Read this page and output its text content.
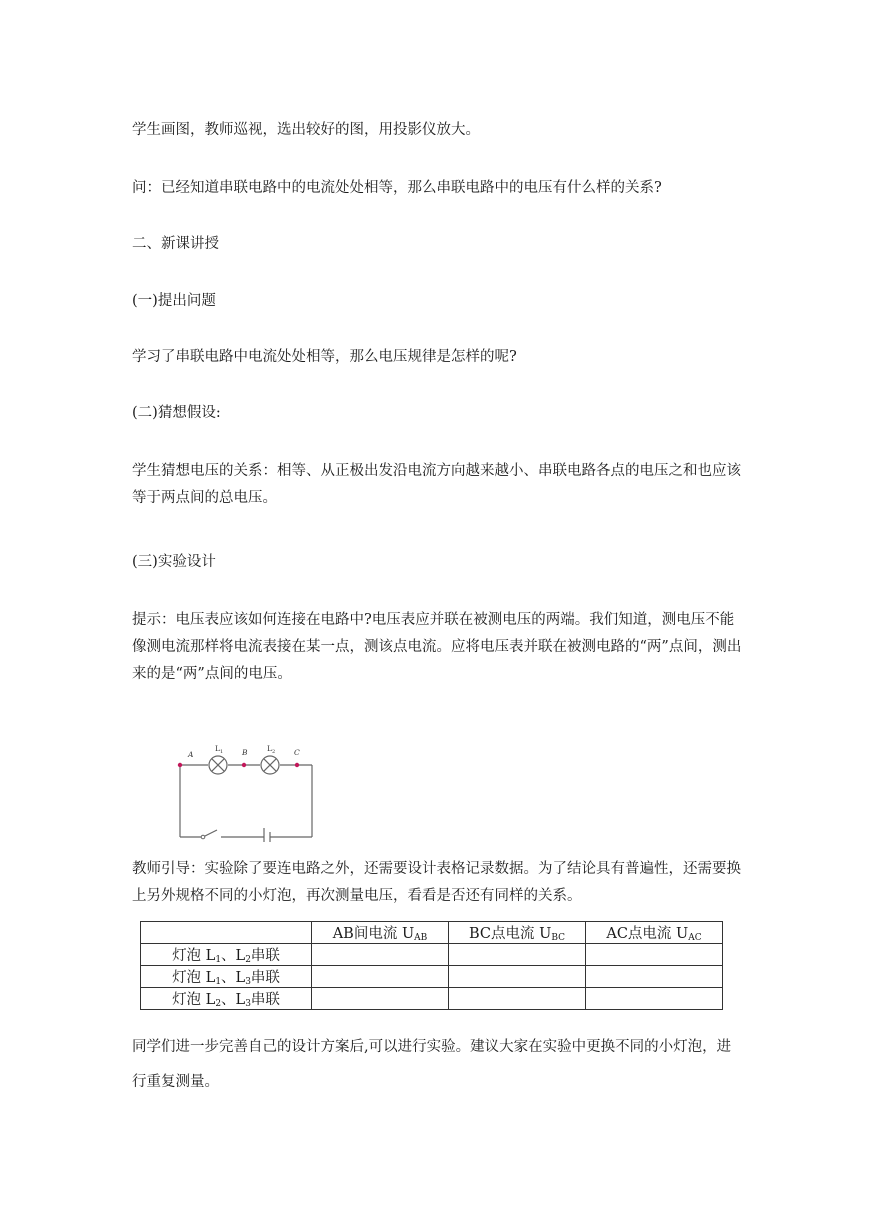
学生画图，教师巡视，选出较好的图，用投影仪放大。
问：已经知道串联电路中的电流处处相等，那么串联电路中的电压有什么样的关系?
二、新课讲授
(一)提出问题
学习了串联电路中电流处处相等，那么电压规律是怎样的呢?
(二)猜想假设:
学生猜想电压的关系：相等、从正极出发沿电流方向越来越小、串联电路各点的电压之和也应该等于两点间的总电压。
(三)实验设计
提示：电压表应该如何连接在电路中?电压表应并联在被测电压的两端。我们知道，测电压不能像测电流那样将电流表接在某一点，测该点电流。应将电压表并联在被测电路的“两”点间，测出来的是“两”点间的电压。
A	B	C
$L_1$	$L_2$
教师引导：实验除了要连电路之外，还需要设计表格记录数据。为了结论具有普遍性，还需要换上另外规格不同的小灯泡，再次测量电压，看看是否还有同样的关系。
	AB间电流 $U_{AB}$	BC点电流 $U_{BC}$	AC点电流 $U_{AC}$
灯泡 $L_1$、$L_2$串联			
灯泡 $L_1$、$L_3$串联			
灯泡 $L_2$、$L_3$串联			
同学们进一步完善自己的设计方案后,可以进行实验。建议大家在实验中更换不同的小灯泡，进行重复测量。
